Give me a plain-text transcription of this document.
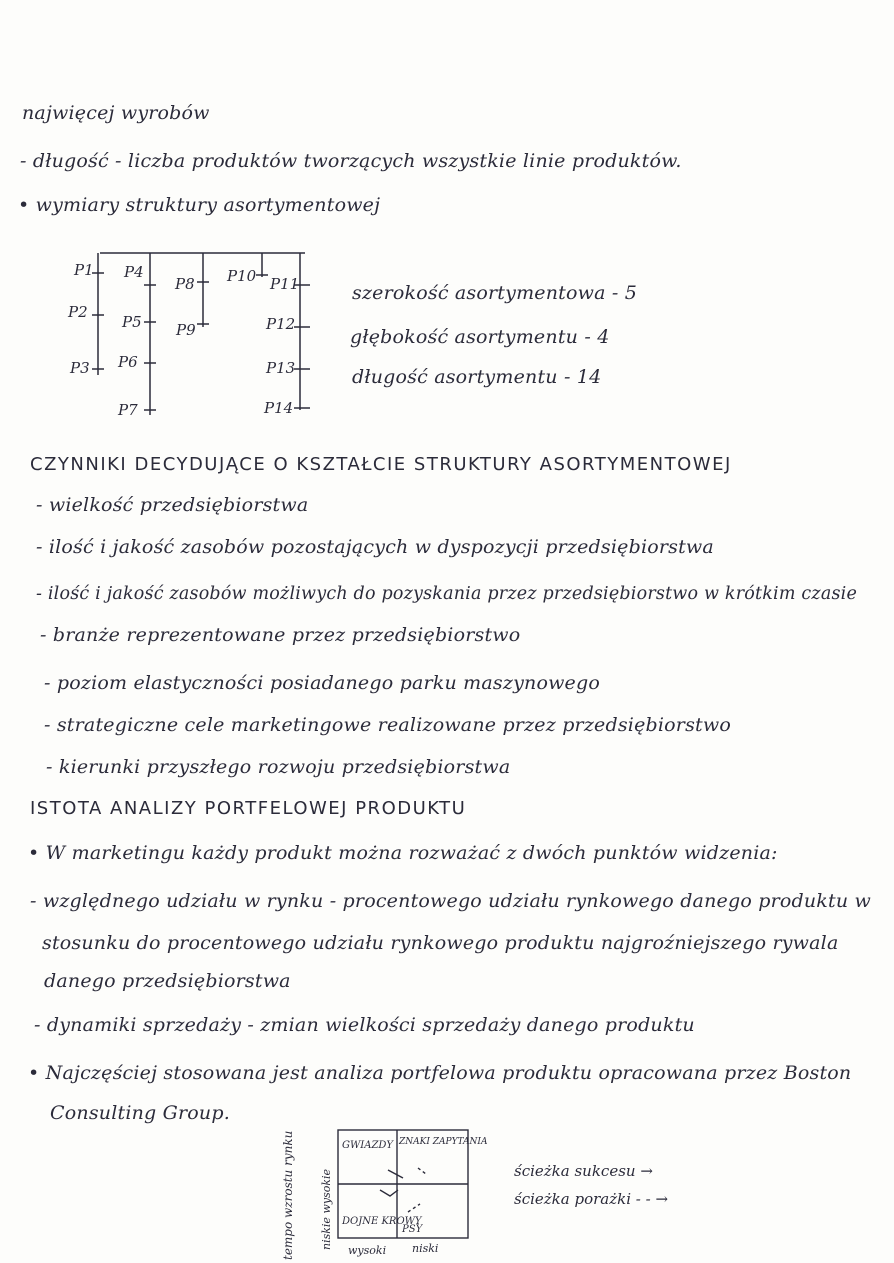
najwięcej wyrobów
- długość - liczba produktów tworzących wszystkie linie produktów.
• wymiary struktury asortymentowej
P1
P2
P3
P4
P5
P6
P7
P8
P9
P10 P11
P12
P13
P14
szerokość asortymentowa - 5
głębokość asortymentu - 4
długość asortymentu - 14
CZYNNIKI DECYDUJĄCE O KSZTAŁCIE STRUKTURY ASORTYMENTOWEJ
- wielkość przedsiębiorstwa
- ilość i jakość zasobów pozostających w dyspozycji przedsiębiorstwa
- ilość i jakość zasobów możliwych do pozyskania przez przedsiębiorstwo w krótkim czasie
- branże reprezentowane przez przedsiębiorstwo
- poziom elastyczności posiadanego parku maszynowego
- strategiczne cele marketingowe realizowane przez przedsiębiorstwo
- kierunki przyszłego rozwoju przedsiębiorstwa
ISTOTA ANALIZY PORTFELOWEJ PRODUKTU
• W marketingu każdy produkt można rozważać z dwóch punktów widzenia:
- względnego udziału w rynku - procentowego udziału rynkowego danego produktu w
stosunku do procentowego udziału rynkowego produktu najgroźniejszego rywala
danego przedsiębiorstwa
- dynamiki sprzedaży - zmian wielkości sprzedaży danego produktu
• Najczęściej stosowana jest analiza portfelowa produktu opracowana przez Boston
Consulting Group.
tempo wzrostu rynku niskie wysokie
GWIAZDY ZNAKI ZAPYTANIA
DOJNE KROWY
PSY
wysoki niski
ścieżka sukcesu →
ścieżka porażki - - →
